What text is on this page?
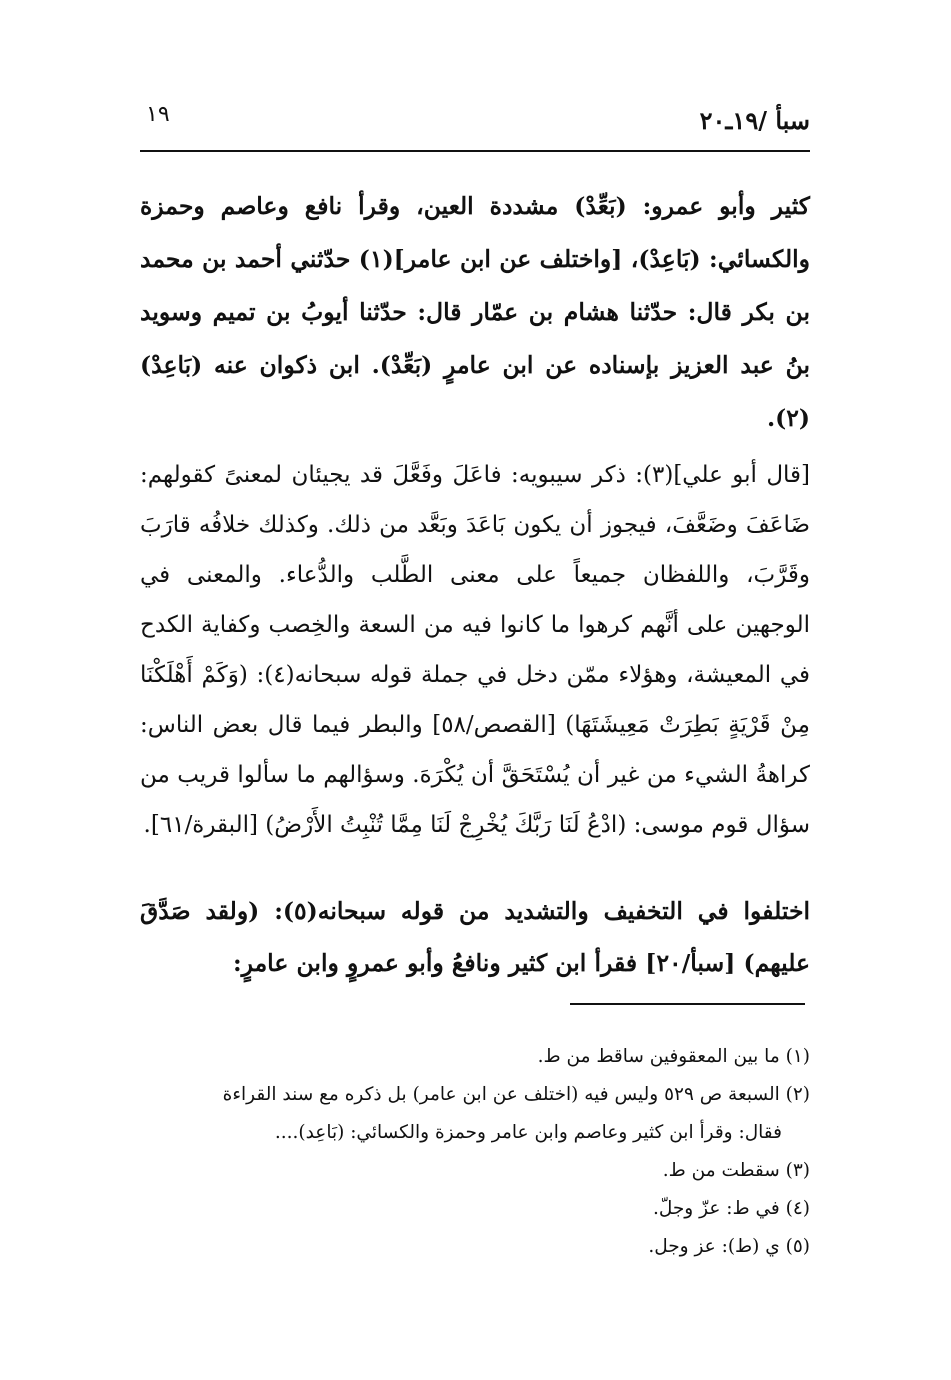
سبأ /١٩ـ٢٠
١٩

كثير وأبو عمرو: (بَعِّدْ) مشددة العين، وقرأ نافع وعاصم وحمزة والكسائي: (بَاعِدْ)، [واختلف عن ابن عامر](١) حدّثني أحمد بن محمد بن بكر قال: حدّثنا هشام بن عمّار قال: حدّثنا أيوبُ بن تميم وسويد بنُ عبد العزيز بإسناده عن ابن عامرٍ (بَعِّدْ). ابن ذكوان عنه (بَاعِدْ)(٢).

[قال أبو علي](٣): ذكر سيبويه: فاعَلَ وفَعَّلَ قد يجيئان لمعنىً كقولهم: ضَاعَفَ وضَعَّفَ، فيجوز أن يكون بَاعَدَ وبَعَّد من ذلك. وكذلك خلافُه قارَبَ وقَرَّبَ، واللفظان جميعاً على معنى الطَّلب والدُّعاء. والمعنى في الوجهين على أنَّهم كرهوا ما كانوا فيه من السعة والخِصب وكفاية الكدح في المعيشة، وهؤلاء ممّن دخل في جملة قوله سبحانه(٤): (وَكَمْ أَهْلَكْنَا مِنْ قَرْيَةٍ بَطِرَتْ مَعِيشَتَهَا) [القصص/٥٨] والبطر فيما قال بعض الناس: كراهةُ الشيء من غير أن يُسْتَحَقَّ أن يُكْرَهَ. وسؤالهم ما سألوا قريب من سؤال قوم موسى: (ادْعُ لَنَا رَبَّكَ يُخْرِجْ لَنَا مِمَّا تُنْبِتُ الأَرْضُ) [البقرة/٦١].

اختلفوا في التخفيف والتشديد من قوله سبحانه(٥): (ولقد صَدَّقَ عليهم) [سبأ/٢٠] فقرأ ابن كثير ونافعُ وأبو عمروٍ وابن عامرٍ:

(١) ما بين المعقوفين ساقط من ط.

(٢) السبعة ص ٥٢٩ وليس فيه (اختلف عن ابن عامر) بل ذكره مع سند القراءة

فقال: وقرأ ابن كثير وعاصم وابن عامر وحمزة والكسائي: (بَاعِد)....

(٣) سقطت من ط.

(٤) في ط: عزّ وجلّ.

(٥) ي (ط): عز وجل.
